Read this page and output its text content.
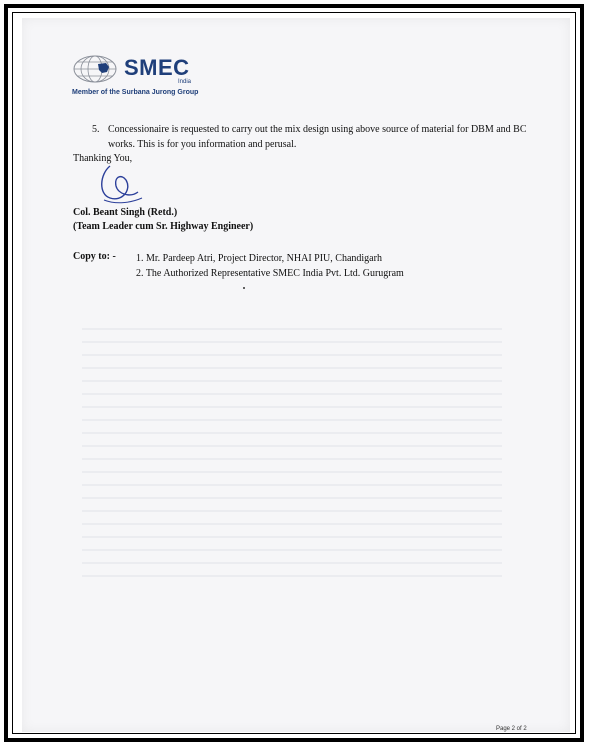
SMEC
India
Member of the Surbana Jurong Group
5. Concessionaire is requested to carry out the mix design using above source of material for DBM and BC works. This is for you information and perusal.
Thanking You,
Col. Beant Singh (Retd.)
(Team Leader cum Sr. Highway Engineer)
Copy to: - 1. Mr. Pardeep Atri, Project Director, NHAI PIU, Chandigarh
2. The Authorized Representative SMEC India Pvt. Ltd. Gurugram
Page 2 of 2
